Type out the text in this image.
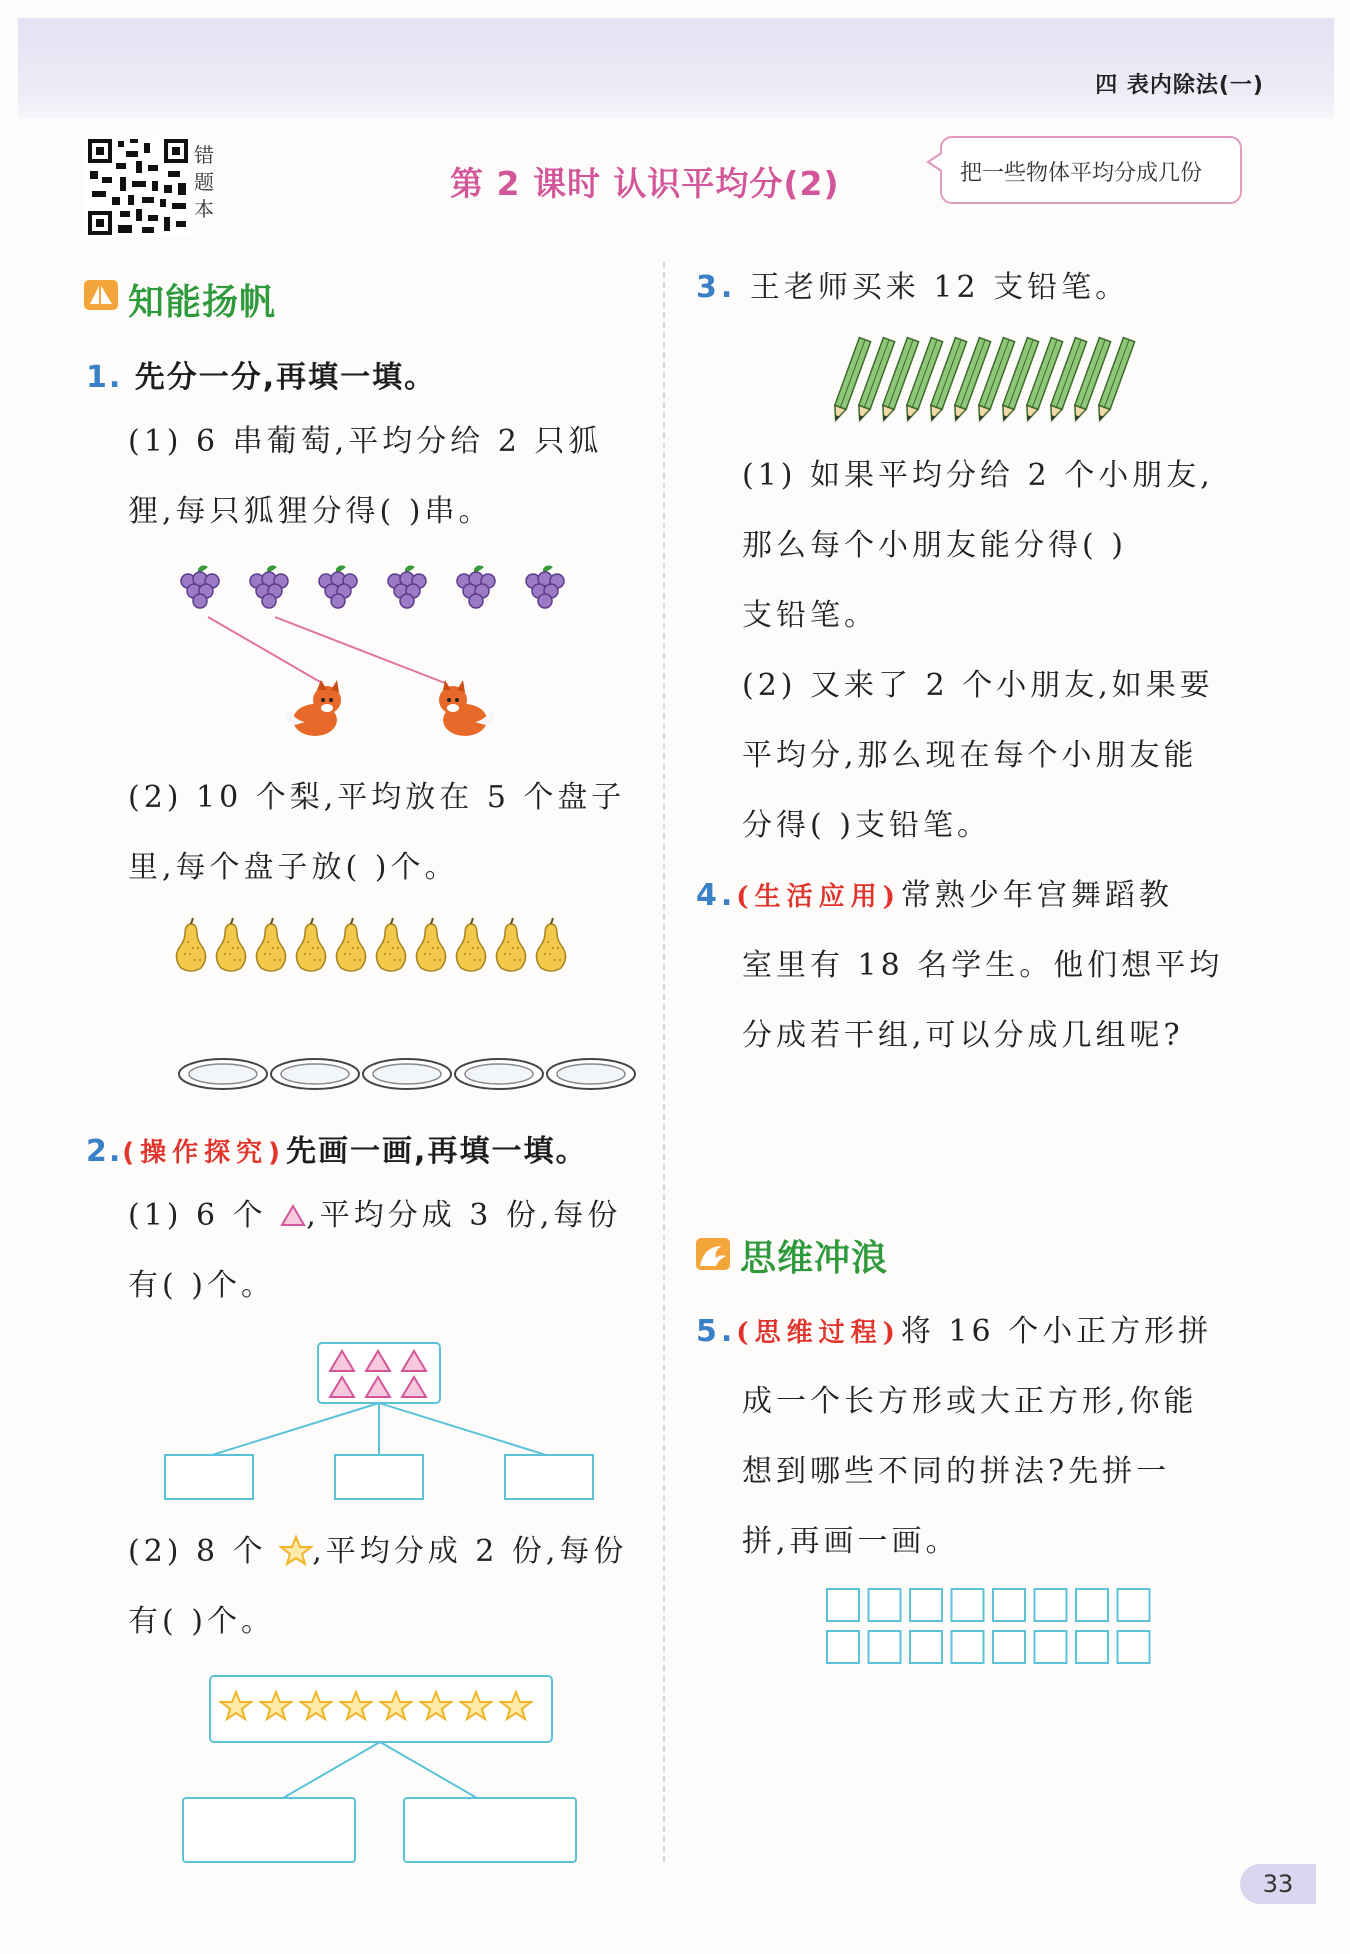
四 表内除法(一)
错题本
第 2 课时 认识平均分(2)	把一些物体平均分成几份
知能扬帆
1. 先分一分,再填一填。
(1) 6 串葡萄,平均分给 2 只狐
狸,每只狐狸分得( )串。
(2) 10 个梨,平均放在 5 个盘子
里,每个盘子放( )个。
2.(操作探究)先画一画,再填一填。
(1) 6 个 ,平均分成 3 份,每份
有( )个。
(2) 8 个 ,平均分成 2 份,每份
有( )个。
3. 王老师买来 12 支铅笔。
(1) 如果平均分给 2 个小朋友,
那么每个小朋友能分得( )
支铅笔。
(2) 又来了 2 个小朋友,如果要
平均分,那么现在每个小朋友能
分得( )支铅笔。
4.(生活应用)常熟少年宫舞蹈教
室里有 18 名学生。他们想平均
分成若干组,可以分成几组呢?
思维冲浪
5.(思维过程)将 16 个小正方形拼
成一个长方形或大正方形,你能
想到哪些不同的拼法?先拼一
拼,再画一画。
33
